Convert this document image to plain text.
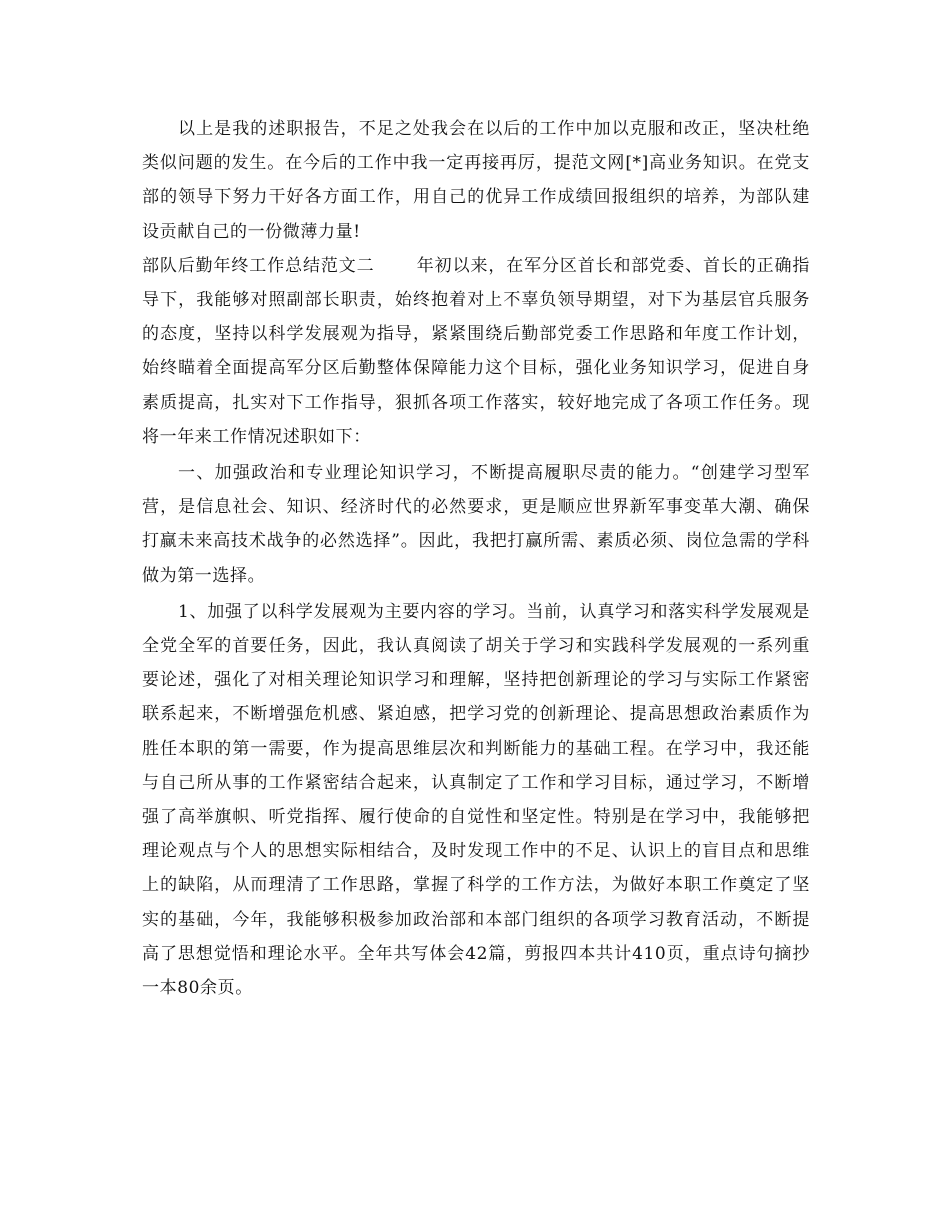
以上是我的述职报告，不足之处我会在以后的工作中加以克服和改正，坚决杜绝类似问题的发生。在今后的工作中我一定再接再厉，提范文网[*]高业务知识。在党支部的领导下努力干好各方面工作，用自己的优异工作成绩回报组织的培养，为部队建设贡献自己的一份微薄力量!

部队后勤年终工作总结范文二 年初以来，在军分区首长和部党委、首长的正确指导下，我能够对照副部长职责，始终抱着对上不辜负领导期望，对下为基层官兵服务的态度，坚持以科学发展观为指导，紧紧围绕后勤部党委工作思路和年度工作计划，始终瞄着全面提高军分区后勤整体保障能力这个目标，强化业务知识学习，促进自身素质提高，扎实对下工作指导，狠抓各项工作落实，较好地完成了各项工作任务。现将一年来工作情况述职如下：

一、加强政治和专业理论知识学习，不断提高履职尽责的能力。“创建学习型军营，是信息社会、知识、经济时代的必然要求，更是顺应世界新军事变革大潮、确保打赢未来高技术战争的必然选择”。因此，我把打赢所需、素质必须、岗位急需的学科做为第一选择。

1、加强了以科学发展观为主要内容的学习。当前，认真学习和落实科学发展观是全党全军的首要任务，因此，我认真阅读了胡关于学习和实践科学发展观的一系列重要论述，强化了对相关理论知识学习和理解，坚持把创新理论的学习与实际工作紧密联系起来，不断增强危机感、紧迫感，把学习党的创新理论、提高思想政治素质作为胜任本职的第一需要，作为提高思维层次和判断能力的基础工程。在学习中，我还能与自己所从事的工作紧密结合起来，认真制定了工作和学习目标，通过学习，不断增强了高举旗帜、听党指挥、履行使命的自觉性和坚定性。特别是在学习中，我能够把理论观点与个人的思想实际相结合，及时发现工作中的不足、认识上的盲目点和思维上的缺陷，从而理清了工作思路，掌握了科学的工作方法，为做好本职工作奠定了坚实的基础，今年，我能够积极参加政治部和本部门组织的各项学习教育活动，不断提高了思想觉悟和理论水平。全年共写体会42篇，剪报四本共计410页，重点诗句摘抄一本80余页。
